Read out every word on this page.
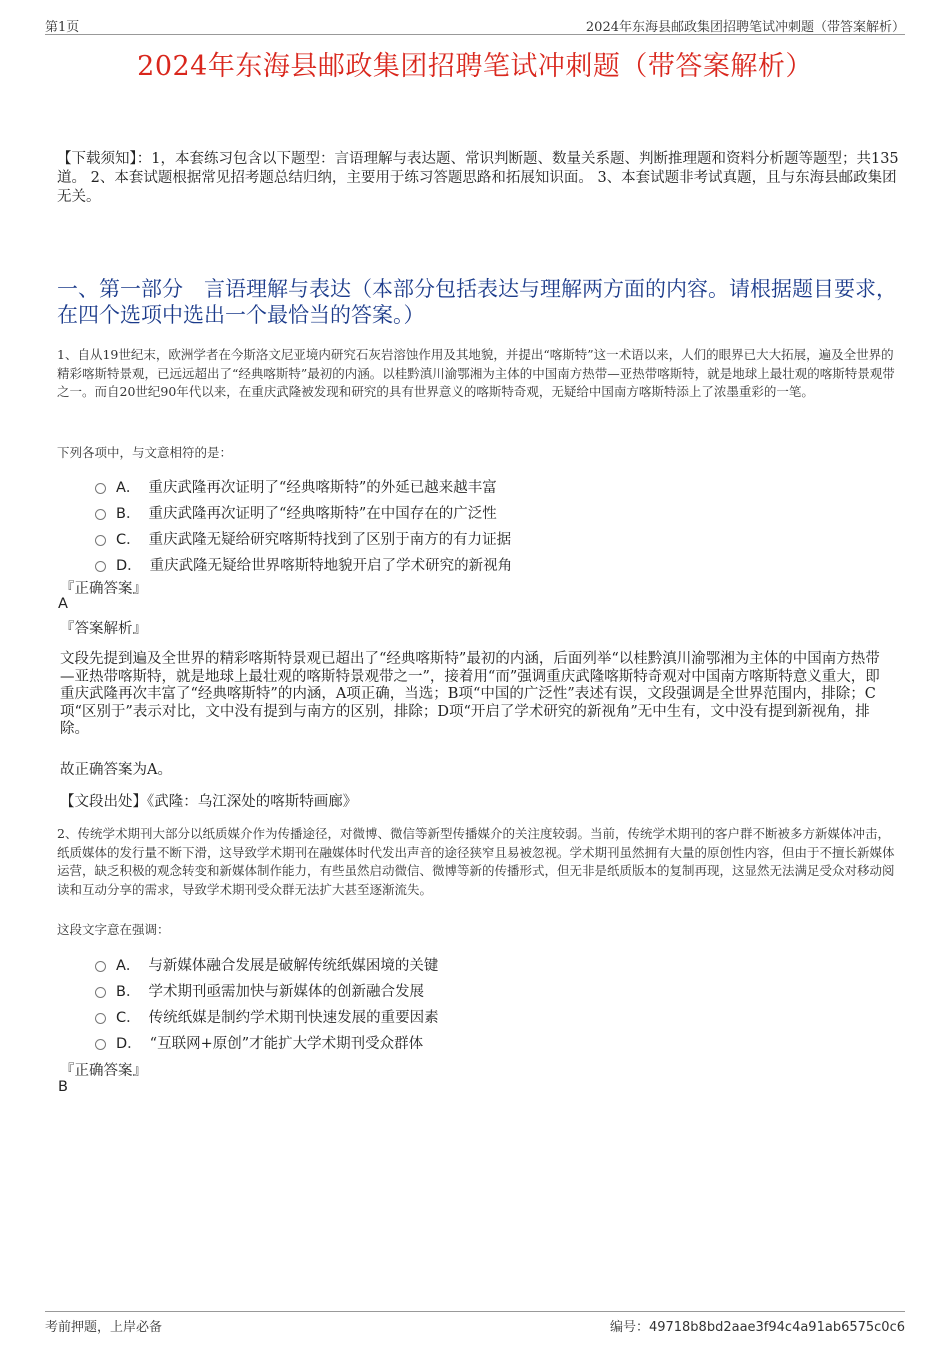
第1页	2024年东海县邮政集团招聘笔试冲刺题（带答案解析）
2024年东海县邮政集团招聘笔试冲刺题（带答案解析）
【下载须知】：1，本套练习包含以下题型：言语理解与表达题、常识判断题、数量关系题、判断推理题和资料分析题等题型；共135道。 2、本套试题根据常见招考题总结归纳，主要用于练习答题思路和拓展知识面。 3、本套试题非考试真题，且与东海县邮政集团无关。
一、第一部分　言语理解与表达（本部分包括表达与理解两方面的内容。请根据题目要求，在四个选项中选出一个最恰当的答案。）
1、自从19世纪末，欧洲学者在今斯洛文尼亚境内研究石灰岩溶蚀作用及其地貌，并提出“喀斯特”这一术语以来，人们的眼界已大大拓展，遍及全世界的精彩喀斯特景观，已远远超出了“经典喀斯特”最初的内涵。以桂黔滇川渝鄂湘为主体的中国南方热带—亚热带喀斯特，就是地球上最壮观的喀斯特景观带之一。而自20世纪90年代以来，在重庆武隆被发现和研究的具有世界意义的喀斯特奇观，无疑给中国南方喀斯特添上了浓墨重彩的一笔。
下列各项中，与文意相符的是：
A． 重庆武隆再次证明了“经典喀斯特”的外延已越来越丰富
B． 重庆武隆再次证明了“经典喀斯特”在中国存在的广泛性
C． 重庆武隆无疑给研究喀斯特找到了区别于南方的有力证据
D． 重庆武隆无疑给世界喀斯特地貌开启了学术研究的新视角
『正确答案』
A
『答案解析』
文段先提到遍及全世界的精彩喀斯特景观已超出了“经典喀斯特”最初的内涵，后面列举“以桂黔滇川渝鄂湘为主体的中国南方热带—亚热带喀斯特，就是地球上最壮观的喀斯特景观带之一”，接着用“而”强调重庆武隆喀斯特奇观对中国南方喀斯特意义重大，即重庆武隆再次丰富了“经典喀斯特”的内涵，A项正确，当选；B项“中国的广泛性”表述有误，文段强调是全世界范围内，排除；C项“区别于”表示对比，文中没有提到与南方的区别，排除；D项“开启了学术研究的新视角”无中生有，文中没有提到新视角，排除。
故正确答案为A。
【文段出处】《武隆：乌江深处的喀斯特画廊》
2、传统学术期刊大部分以纸质媒介作为传播途径，对微博、微信等新型传播媒介的关注度较弱。当前，传统学术期刊的客户群不断被多方新媒体冲击，纸质媒体的发行量不断下滑，这导致学术期刊在融媒体时代发出声音的途径狭窄且易被忽视。学术期刊虽然拥有大量的原创性内容，但由于不擅长新媒体运营，缺乏积极的观念转变和新媒体制作能力，有些虽然启动微信、微博等新的传播形式，但无非是纸质版本的复制再现，这显然无法满足受众对移动阅读和互动分享的需求，导致学术期刊受众群无法扩大甚至逐渐流失。
这段文字意在强调：
A． 与新媒体融合发展是破解传统纸媒困境的关键
B． 学术期刊亟需加快与新媒体的创新融合发展
C． 传统纸媒是制约学术期刊快速发展的重要因素
D． “互联网+原创”才能扩大学术期刊受众群体
『正确答案』
B
考前押题，上岸必备	编号：49718b8bd2aae3f94c4a91ab6575c0c6
